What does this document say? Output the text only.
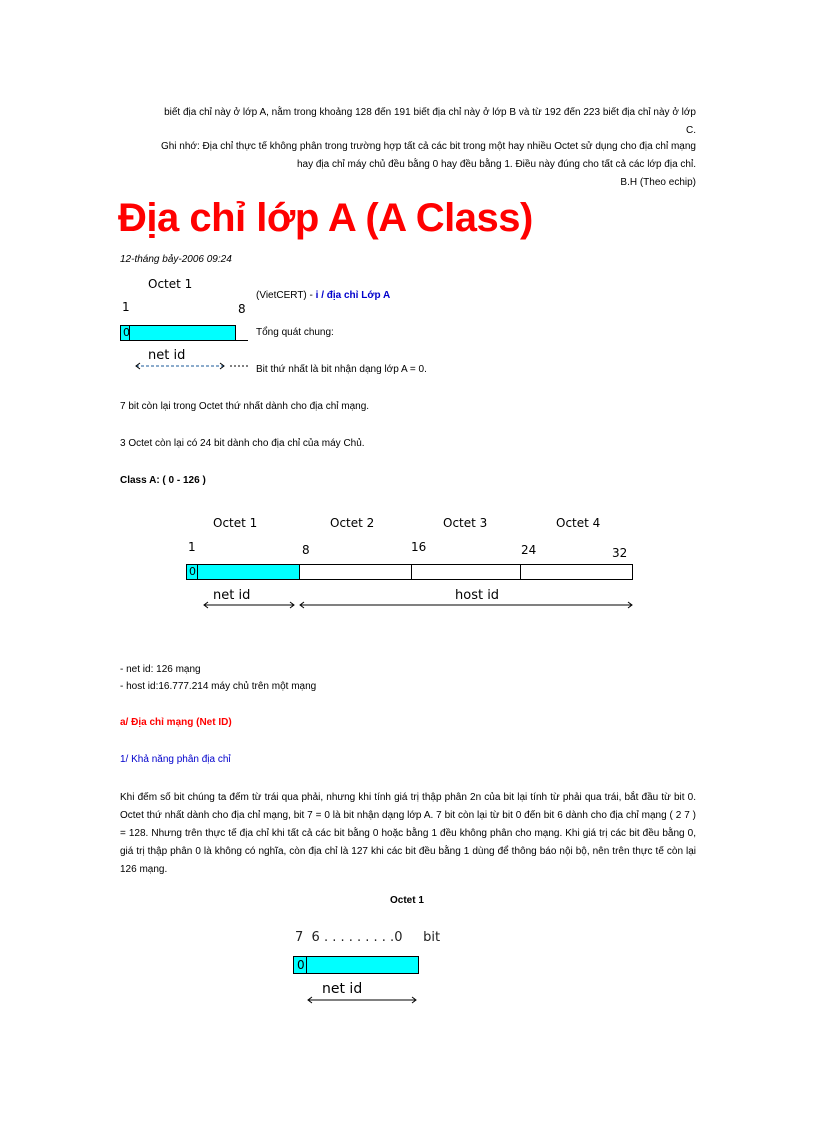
biết địa chỉ này ở lớp A, nằm trong khoảng 128 đến 191 biết địa chỉ này ở lớp B và từ 192 đến 223 biết địa chỉ này ở lớp
C.
Ghi nhớ: Địa chỉ thực tế không phân trong trường hợp tất cả các bit trong một hay nhiều Octet sử dụng cho địa chỉ mạng
hay địa chỉ máy chủ đều bằng 0 hay đều bằng 1. Điều này đúng cho tất cả các lớp địa chỉ.
B.H (Theo echip)
Địa chỉ lớp A (A Class)
12-tháng bảy-2006 09:24
Octet 1
1	8
0
net id
(VietCERT) - i / địa chỉ Lớp A
Tổng quát chung:
Bit thứ nhất là bit nhận dạng lớp A = 0.
7 bit còn lại trong Octet thứ nhất dành cho địa chỉ mạng.
3 Octet còn lại có 24 bit dành cho địa chỉ của máy Chủ.
Class A: ( 0 - 126 )
Octet 1	Octet 2	Octet 3	Octet 4
1	8	16	24	32
0
net id	host id
- net id: 126 mạng
- host id:16.777.214 máy chủ trên một mạng
a/ Địa chỉ mạng (Net ID)
1/ Khả năng phân địa chỉ
Khi đếm số bit chúng ta đếm từ trái qua phải, nhưng khi tính giá trị thập phân 2n của bit lại tính từ phải qua trái, bắt đầu từ bit 0. Octet thứ nhất dành cho địa chỉ mạng, bit 7 = 0 là bit nhận dạng lớp A. 7 bit còn lại từ bit 0 đến bit 6 dành cho địa chỉ mạng ( 2 7 ) = 128. Nhưng trên thực tế địa chỉ khi tất cả các bit bằng 0 hoặc bằng 1 đều không phân cho mạng. Khi giá trị các bit đều bằng 0, giá trị thập phân 0 là không có nghĩa, còn địa chỉ là 127 khi các bit đều bằng 1 dùng để thông báo nội bộ, nên trên thực tế còn lại 126 mạng.
Octet 1
7  6 . . . . . . . . .0     bit
0
net id
